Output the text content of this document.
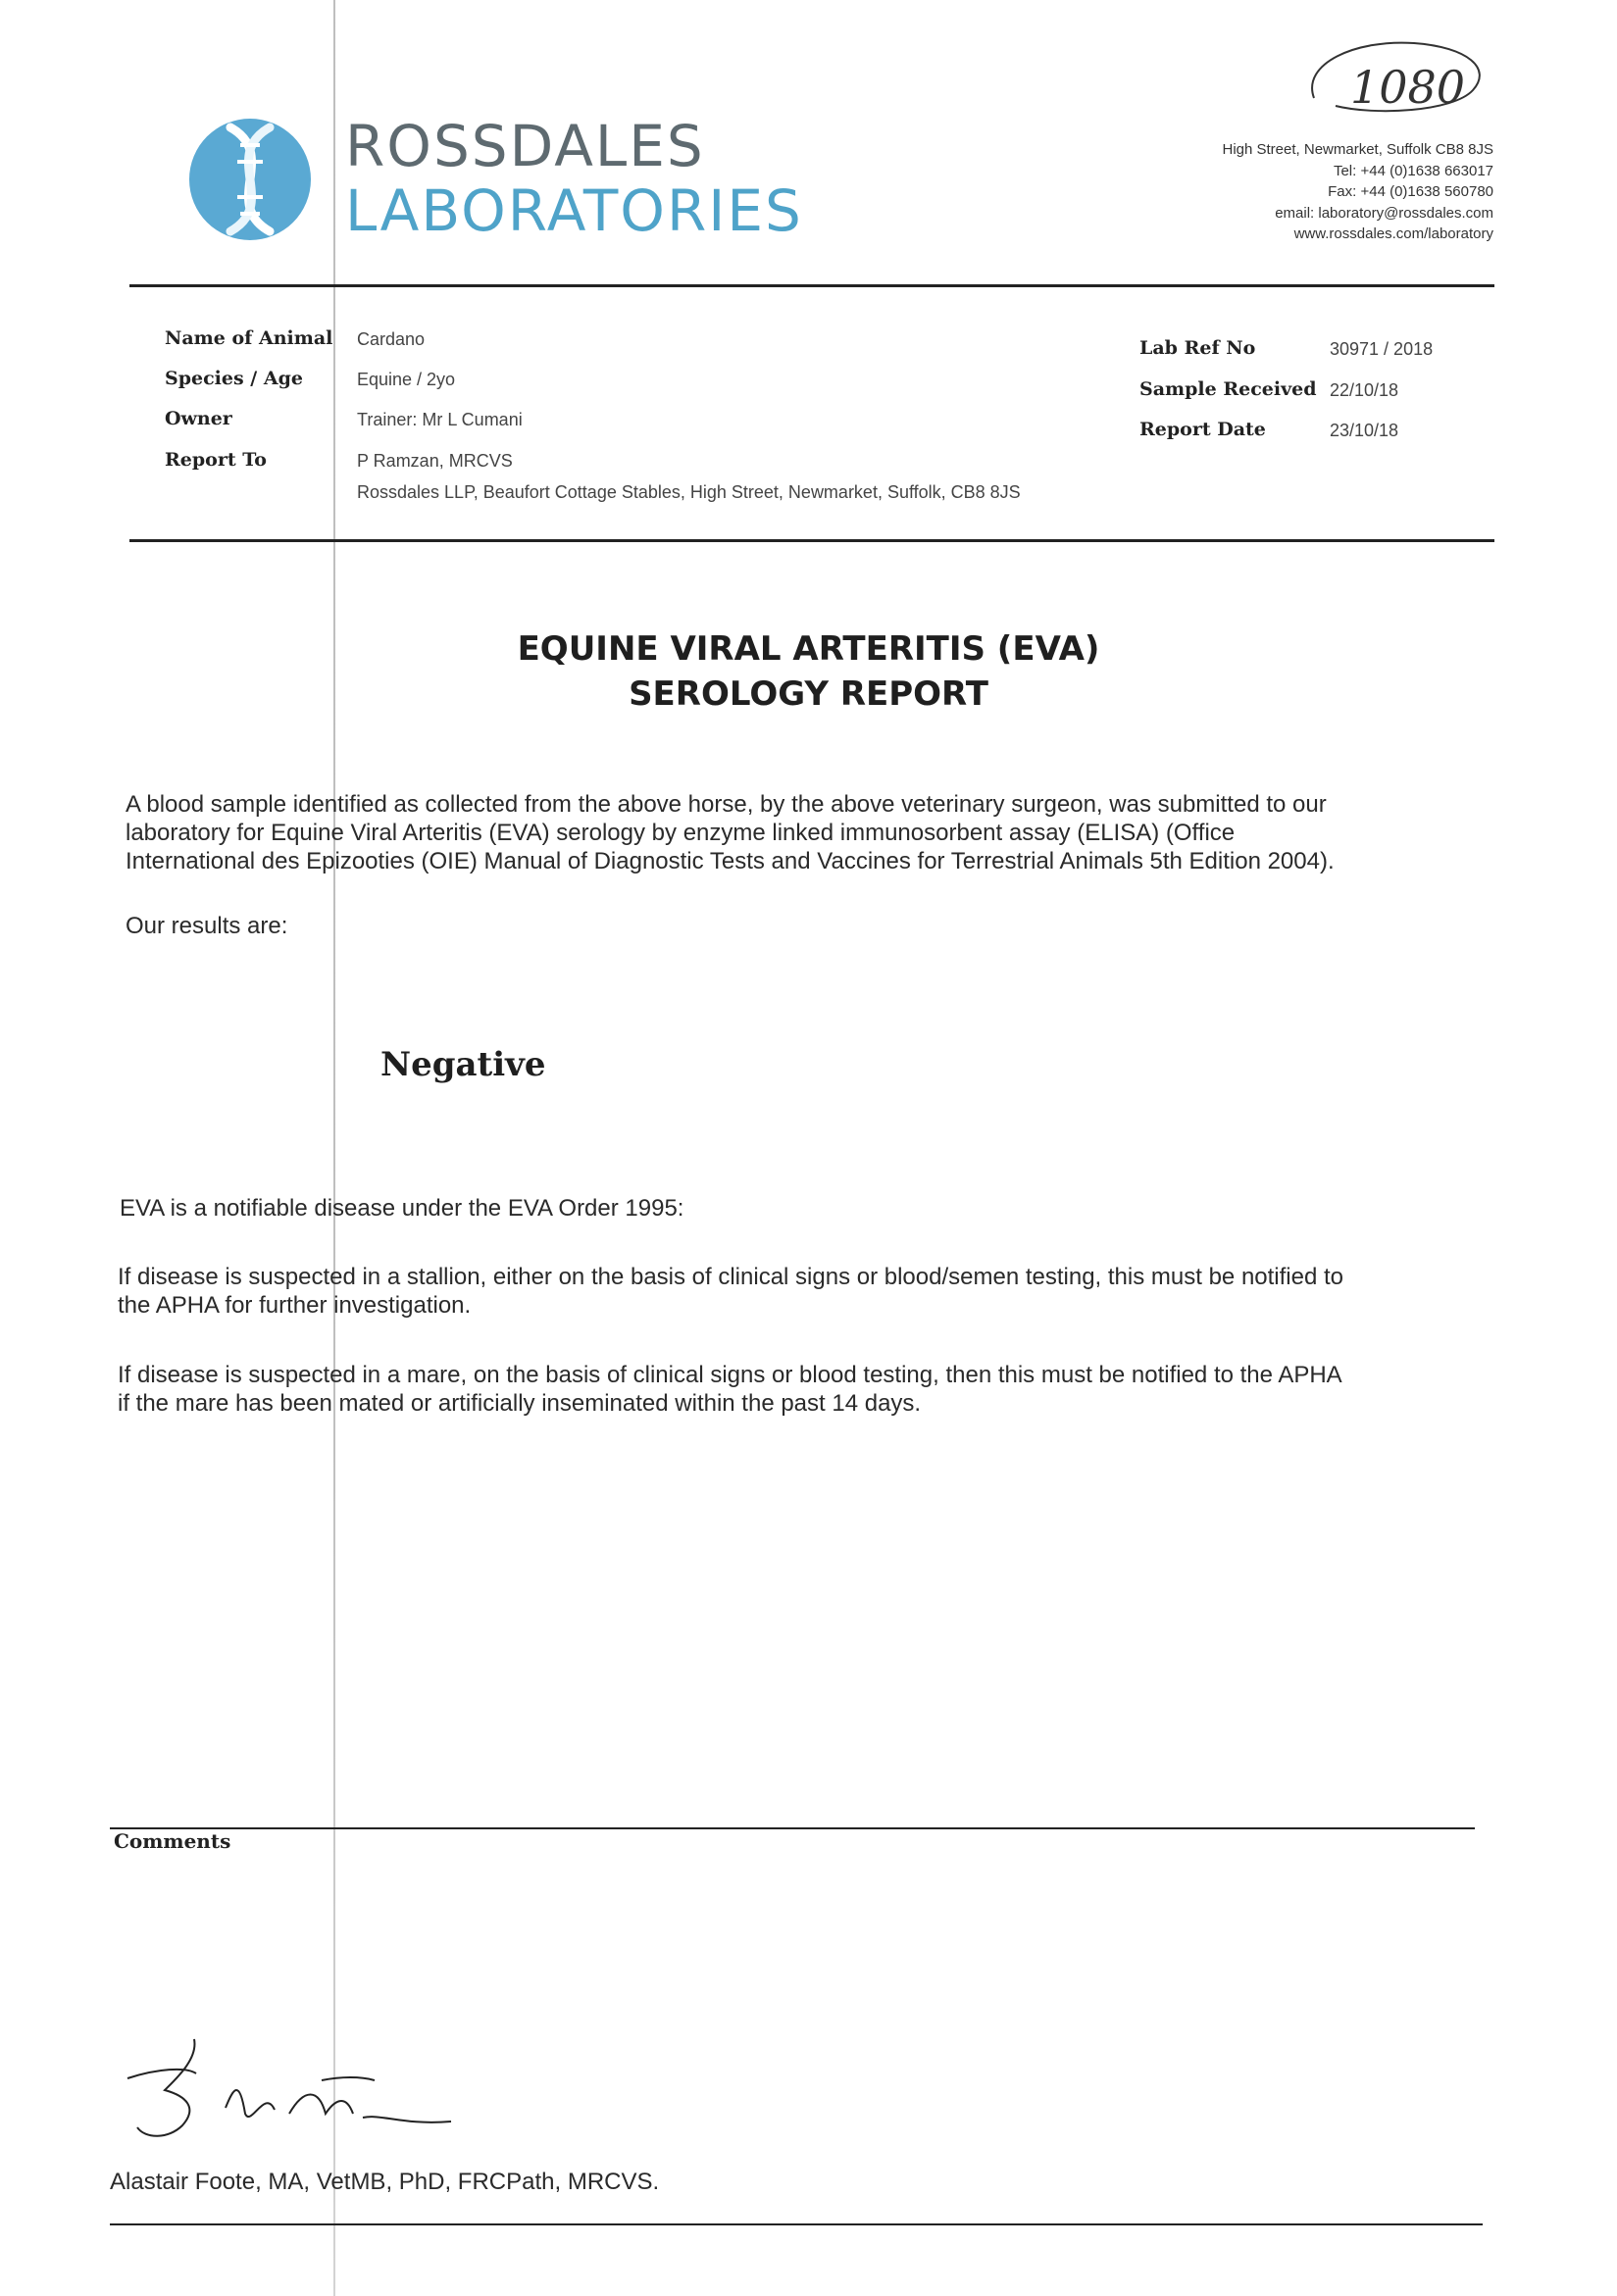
ROSSDALES
LABORATORIES
High Street, Newmarket, Suffolk CB8 8JS
Tel: +44 (0)1638 663017
Fax: +44 (0)1638 560780
email: laboratory@rossdales.com
www.rossdales.com/laboratory
1080
Name of Animal Cardano
Species / Age	Equine / 2yo
Owner	Trainer: Mr L Cumani
Report To	P Ramzan, MRCVS
Rossdales LLP, Beaufort Cottage Stables, High Street, Newmarket, Suffolk, CB8 8JS
Lab Ref No	30971 / 2018
Sample Received 22/10/18
Report Date	23/10/18
EQUINE VIRAL ARTERITIS (EVA)
SEROLOGY REPORT
A blood sample identified as collected from the above horse, by the above veterinary surgeon, was submitted to our
laboratory for Equine Viral Arteritis (EVA) serology by enzyme linked immunosorbent assay (ELISA) (Office
International des Epizooties (OIE) Manual of Diagnostic Tests and Vaccines for Terrestrial Animals 5th Edition 2004).
Our results are:
Negative
EVA is a notifiable disease under the EVA Order 1995:
If disease is suspected in a stallion, either on the basis of clinical signs or blood/semen testing, this must be notified to
the APHA for further investigation.
If disease is suspected in a mare, on the basis of clinical signs or blood testing, then this must be notified to the APHA
if the mare has been mated or artificially inseminated within the past 14 days.
Comments
Alastair Foote, MA, VetMB, PhD, FRCPath, MRCVS.
